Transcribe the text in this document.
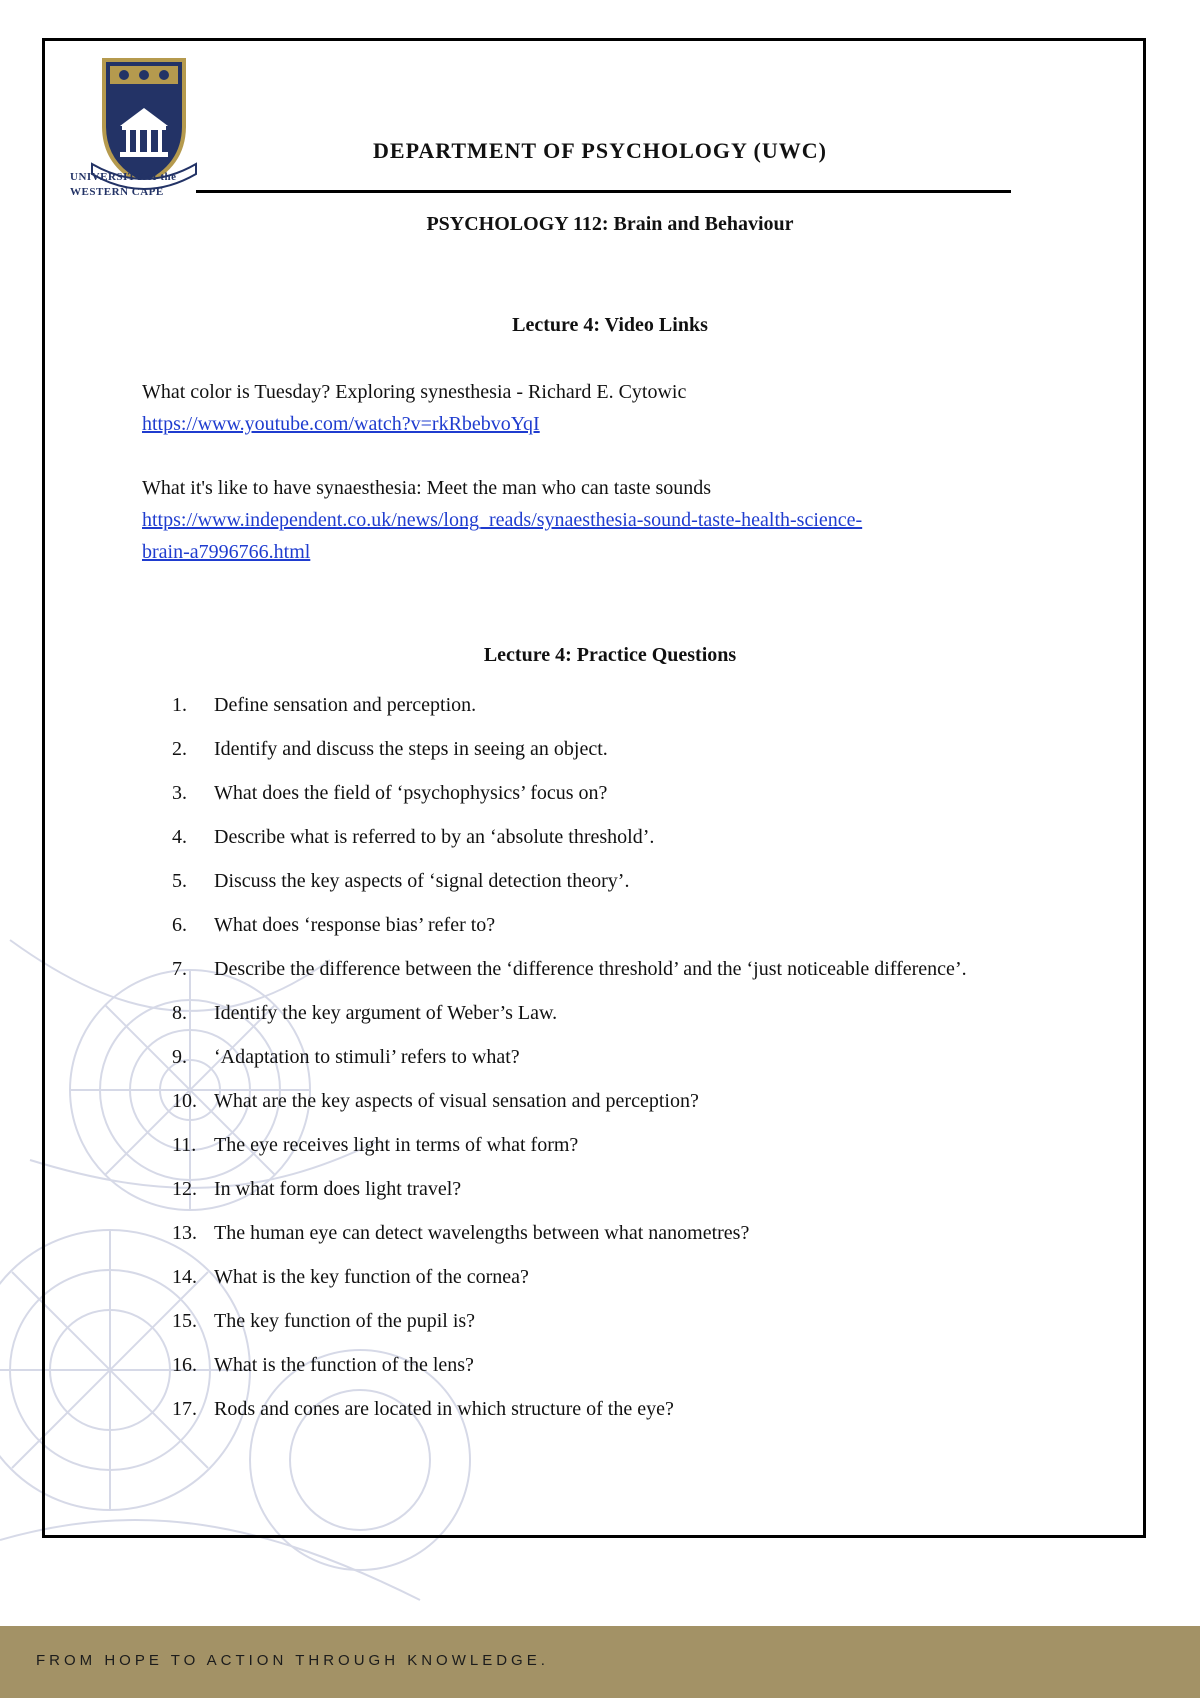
UNIVERSITY of the WESTERN CAPE
DEPARTMENT OF PSYCHOLOGY (UWC)
PSYCHOLOGY 112: Brain and Behaviour
Lecture 4: Video Links
What color is Tuesday? Exploring synesthesia - Richard E. Cytowic
https://www.youtube.com/watch?v=rkRbebvoYqI
What it's like to have synaesthesia: Meet the man who can taste sounds
https://www.independent.co.uk/news/long_reads/synaesthesia-sound-taste-health-science-
brain-a7996766.html
Lecture 4: Practice Questions
1.	Define sensation and perception.
2.	Identify and discuss the steps in seeing an object.
3.	What does the field of ‘psychophysics’ focus on?
4.	Describe what is referred to by an ‘absolute threshold’.
5.	Discuss the key aspects of ‘signal detection theory’.
6.	What does ‘response bias’ refer to?
7.	Describe the difference between the ‘difference threshold’ and the ‘just noticeable difference’.
8.	Identify the key argument of Weber’s Law.
9.	‘Adaptation to stimuli’ refers to what?
10. What are the key aspects of visual sensation and perception?
11. The eye receives light in terms of what form?
12. In what form does light travel?
13. The human eye can detect wavelengths between what nanometres?
14. What is the key function of the cornea?
15. The key function of the pupil is?
16. What is the function of the lens?
17. Rods and cones are located in which structure of the eye?
FROM HOPE TO ACTION THROUGH KNOWLEDGE.
